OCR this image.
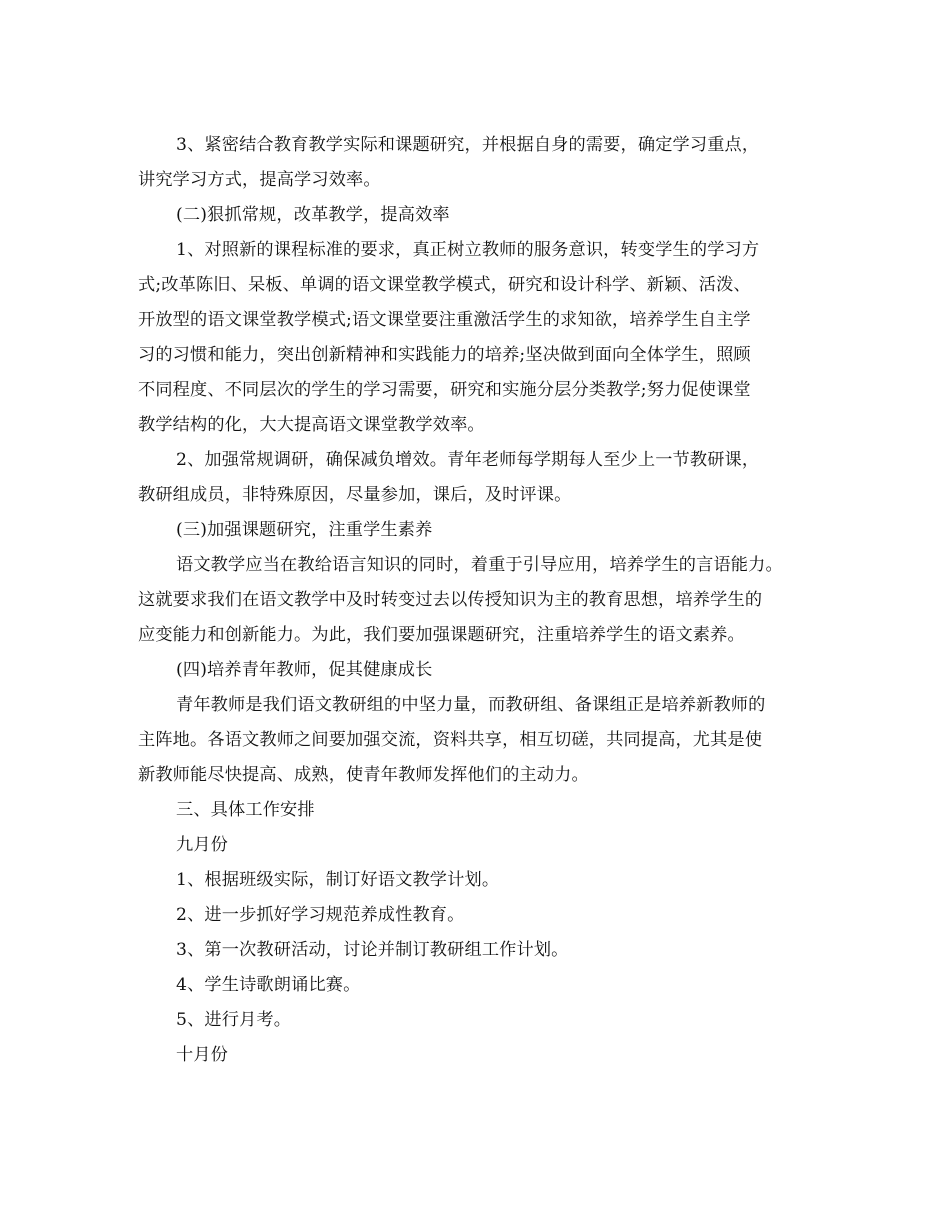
3、紧密结合教育教学实际和课题研究，并根据自身的需要，确定学习重点，
讲究学习方式，提高学习效率。
(二)狠抓常规，改革教学，提高效率
1、对照新的课程标准的要求，真正树立教师的服务意识，转变学生的学习方
式;改革陈旧、呆板、单调的语文课堂教学模式，研究和设计科学、新颖、活泼、
开放型的语文课堂教学模式;语文课堂要注重激活学生的求知欲，培养学生自主学
习的习惯和能力，突出创新精神和实践能力的培养;坚决做到面向全体学生，照顾
不同程度、不同层次的学生的学习需要，研究和实施分层分类教学;努力促使课堂
教学结构的化，大大提高语文课堂教学效率。
2、加强常规调研，确保减负增效。青年老师每学期每人至少上一节教研课，
教研组成员，非特殊原因，尽量参加，课后，及时评课。
(三)加强课题研究，注重学生素养
语文教学应当在教给语言知识的同时，着重于引导应用，培养学生的言语能力。
这就要求我们在语文教学中及时转变过去以传授知识为主的教育思想，培养学生的
应变能力和创新能力。为此，我们要加强课题研究，注重培养学生的语文素养。
(四)培养青年教师，促其健康成长
青年教师是我们语文教研组的中坚力量，而教研组、备课组正是培养新教师的
主阵地。各语文教师之间要加强交流，资料共享，相互切磋，共同提高，尤其是使
新教师能尽快提高、成熟，使青年教师发挥他们的主动力。
三、具体工作安排
九月份
1、根据班级实际，制订好语文教学计划。
2、进一步抓好学习规范养成性教育。
3、第一次教研活动，讨论并制订教研组工作计划。
4、学生诗歌朗诵比赛。
5、进行月考。
十月份
